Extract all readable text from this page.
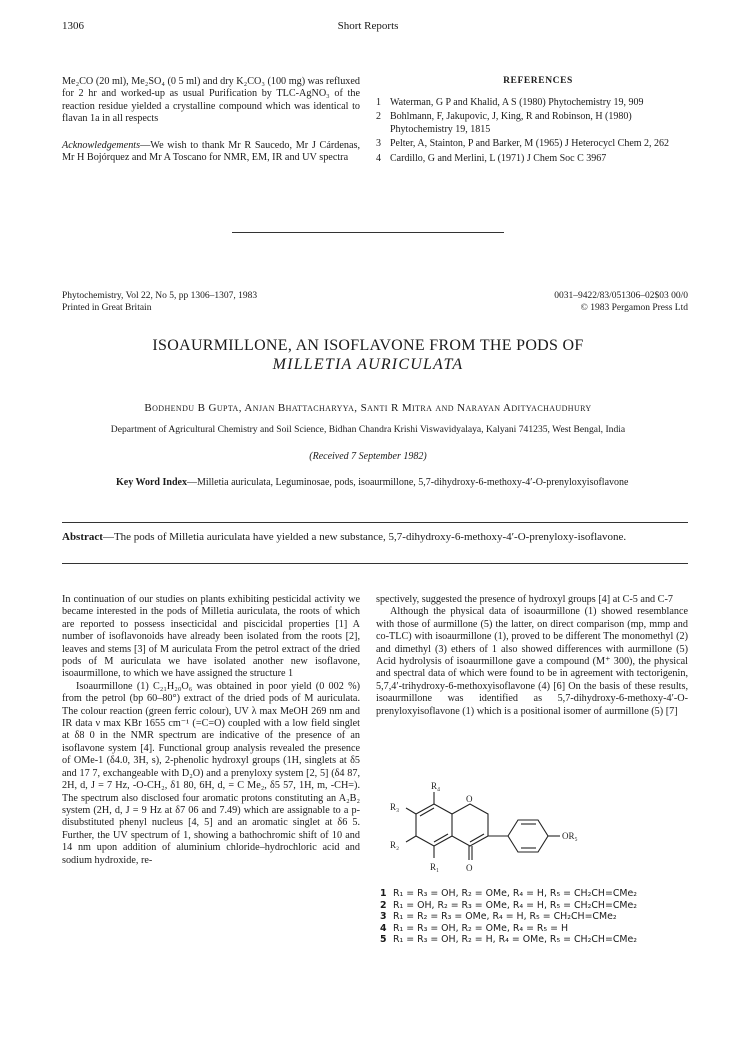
1306	Short Reports

Me₂CO (20 ml), Me₂SO₄ (0 5 ml) and dry K₂CO₃ (100 mg) was refluxed for 2 hr and worked-up as usual Purification by TLC-AgNO₃ of the reaction residue yielded a crystalline compound which was identical to flavan 1a in all respects

Acknowledgements—We wish to thank Mr R Saucedo, Mr J Cárdenas, Mr H Bojórquez and Mr A Toscano for NMR, EM, IR and UV spectra

REFERENCES
1 Waterman, G P and Khalid, A S (1980) Phytochemistry 19, 909
2 Bohlmann, F, Jakupovic, J, King, R and Robinson, H (1980) Phytochemistry 19, 1815
3 Pelter, A, Stainton, P and Barker, M (1965) J Heterocycl Chem 2, 262
4 Cardillo, G and Merlini, L (1971) J Chem Soc C 3967
Phytochemistry, Vol 22, No 5, pp 1306–1307, 1983
Printed in Great Britain
0031–9422/83/051306–02$03 00/0
© 1983 Pergamon Press Ltd
ISOAURMILLONE, AN ISOFLAVONE FROM THE PODS OF
MILLETIA AURICULATA
Bodhendu B Gupta, Anjan Bhattacharyya, Santi R Mitra and Narayan Adityachaudhury
Department of Agricultural Chemistry and Soil Science, Bidhan Chandra Krishi Viswavidyalaya, Kalyani 741235, West Bengal, India
(Received 7 September 1982)
Key Word Index—Milletia auriculata, Leguminosae, pods, isoaurmillone, 5,7-dihydroxy-6-methoxy-4′-O-prenyloxyisoflavone
Abstract—The pods of Milletia auriculata have yielded a new substance, 5,7-dihydroxy-6-methoxy-4′-O-prenyloxy-isoflavone.

In continuation of our studies on plants exhibiting pesticidal activity we became interested in the pods of Milletia auriculata, the roots of which are reported to possess insecticidal and piscicidal properties [1] A number of isoflavonoids have already been isolated from the roots [2], leaves and stems [3] of M auriculata From the petrol extract of the dried pods of M auriculata we have isolated another new isoflavone, isoaurmillone, to which we have assigned the structure 1

Isoaurmillone (1) C₂₁H₂₀O₆ was obtained in poor yield (0 002 %) from the petrol (bp 60–80°) extract of the dried pods of M auriculata. The colour reaction (green ferric colour), UV λ max MeOH 269 nm and IR data ν max KBr 1655 cm⁻¹ (=C=O) coupled with a low field singlet at δ8 0 in the NMR spectrum are indicative of the presence of an isoflavone system [4]. Functional group analysis revealed the presence of OMe-1 (δ4.0, 3H, s), 2-phenolic hydroxyl groups (1H, singlets at δ5 and 17 7, exchangeable with D₂O) and a prenyloxy system [2, 5] (δ4 87, 2H, d, J = 7 Hz, -O-CH₂, δ1 80, 6H, d, = C Me₂, δ5 57, 1H, m, -CH=). The spectrum also disclosed four aromatic protons constituting an A₂B₂ system (2H, d, J = 9 Hz at δ7 06 and 7.49) which are assignable to a p-disubstituted phenyl nucleus [4, 5] and an aromatic singlet at δ6 5. Further, the UV spectrum of 1, showing a bathochromic shift of 10 and 14 nm upon addition of aluminium chloride–hydrochloric acid and sodium hydroxide, re-

spectively, suggested the presence of hydroxyl groups [4] at C-5 and C-7

Although the physical data of isoaurmillone (1) showed resemblance with those of aurmillone (5) the latter, on direct comparison (mp, mmp and co-TLC) with isoaurmillone (1), proved to be different The monomethyl (2) and dimethyl (3) ethers of 1 also showed differences with aurmillone (5) Acid hydrolysis of isoaurmillone gave a compound (M⁺ 300), the physical and spectral data of which were found to be in agreement with tectorigenin, 5,7,4′-trihydroxy-6-methoxyisoflavone (4) [6] On the basis of these results, isoaurmillone was identified as 5,7-dihydroxy-6-methoxy-4′-O-prenyloxyisoflavone (1) which is a positional isomer of aurmillone (5) [7]

R₄
R₃
R₂
R₁
O
O
OR₅
1 R₁ = R₃ = OH, R₂ = OMe, R₄ = H, R₅ = CH₂CH=CMe₂
2 R₁ = OH, R₂ = R₃ = OMe, R₄ = H, R₅ = CH₂CH=CMe₂
3 R₁ = R₂ = R₃ = OMe, R₄ = H, R₅ = CH₂CH=CMe₂
4 R₁ = R₃ = OH, R₂ = OMe, R₄ = R₅ = H
5 R₁ = R₃ = OH, R₂ = H, R₄ = OMe, R₅ = CH₂CH=CMe₂
